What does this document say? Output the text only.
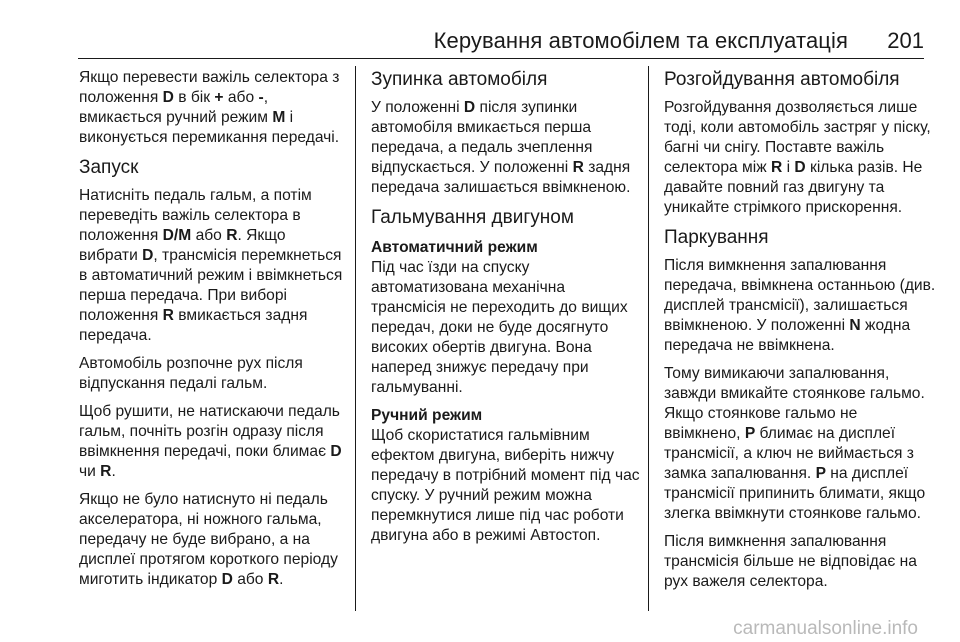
Керування автомобілем та експлуатація 201

Якщо перевести важіль селектора з положення D в бік + або -, вмикається ручний режим M і виконується перемикання передачі.

Запуск

Натисніть педаль гальм, а потім переведіть важіль селектора в положення D/M або R. Якщо вибрати D, трансмісія перемкнеться в автоматичний режим і ввімкнеться перша передача. При виборі положення R вмикається задня передача.

Автомобіль розпочне рух після відпускання педалі гальм.

Щоб рушити, не натискаючи педаль гальм, почніть розгін одразу після ввімкнення передачі, поки блимає D чи R.

Якщо не було натиснуто ні педаль акселератора, ні ножного гальма, передачу не буде вибрано, а на дисплеї протягом короткого періоду миготить індикатор D або R.

Зупинка автомобіля

У положенні D після зупинки автомобіля вмикається перша передача, а педаль зчеплення відпускається. У положенні R задня передача залишається ввімкненою.

Гальмування двигуном
Автоматичний режим

Під час їзди на спуску автоматизована механічна трансмісія не переходить до вищих передач, доки не буде досягнуто високих обертів двигуна. Вона наперед знижує передачу при гальмуванні.

Ручний режим

Щоб скористатися гальмівним ефектом двигуна, виберіть нижчу передачу в потрібний момент під час спуску. У ручний режим можна перемкнутися лише під час роботи двигуна або в режимі Автостоп.

Розгойдування автомобіля

Розгойдування дозволяється лише тоді, коли автомобіль застряг у піску, багні чи снігу. Поставте важіль селектора між R і D кілька разів. Не давайте повний газ двигуну та уникайте стрімкого прискорення.

Паркування

Після вимкнення запалювання передача, ввімкнена останньою (див. дисплей трансмісії), залишається ввімкненою. У положенні N жодна передача не ввімкнена.

Тому вимикаючи запалювання, завжди вмикайте стоянкове гальмо. Якщо стоянкове гальмо не ввімкнено, P блимає на дисплеї трансмісії, а ключ не виймається з замка запалювання. P на дисплеї трансмісії припинить блимати, якщо злегка ввімкнути стоянкове гальмо.

Після вимкнення запалювання трансмісія більше не відповідає на рух важеля селектора.

carmanualsonline.info
